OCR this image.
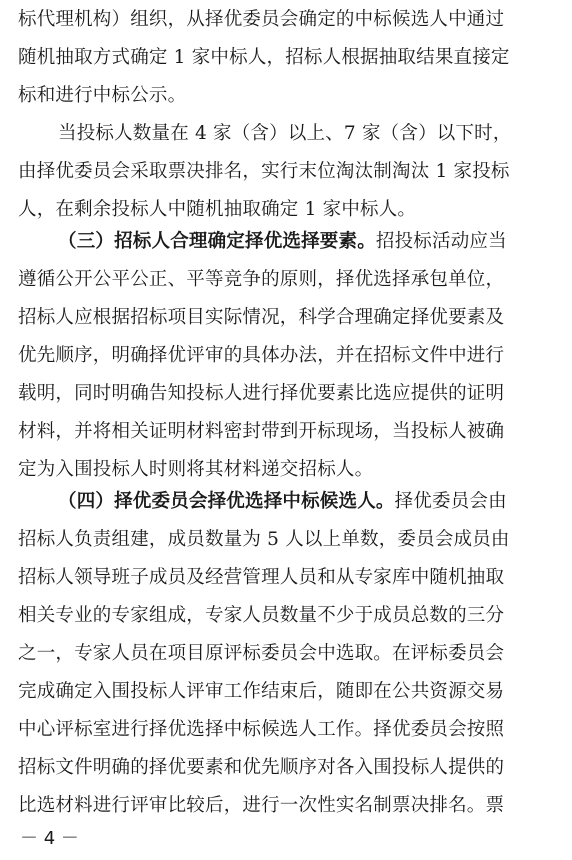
标代理机构）组织，从择优委员会确定的中标候选人中通过
随机抽取方式确定 1 家中标人，招标人根据抽取结果直接定
标和进行中标公示。
当投标人数量在 4 家（含）以上、7 家（含）以下时，
由择优委员会采取票决排名，实行末位淘汰制淘汰 1 家投标
人，在剩余投标人中随机抽取确定 1 家中标人。
（三）招标人合理确定择优选择要素。招投标活动应当
遵循公开公平公正、平等竞争的原则，择优选择承包单位，
招标人应根据招标项目实际情况，科学合理确定择优要素及
优先顺序，明确择优评审的具体办法，并在招标文件中进行
载明，同时明确告知投标人进行择优要素比选应提供的证明
材料，并将相关证明材料密封带到开标现场，当投标人被确
定为入围投标人时则将其材料递交招标人。
（四）择优委员会择优选择中标候选人。择优委员会由
招标人负责组建，成员数量为 5 人以上单数，委员会成员由
招标人领导班子成员及经营管理人员和从专家库中随机抽取
相关专业的专家组成，专家人员数量不少于成员总数的三分
之一，专家人员在项目原评标委员会中选取。在评标委员会
完成确定入围投标人评审工作结束后，随即在公共资源交易
中心评标室进行择优选择中标候选人工作。择优委员会按照
招标文件明确的择优要素和优先顺序对各入围投标人提供的
比选材料进行评审比较后，进行一次性实名制票决排名。票
－ 4 －
